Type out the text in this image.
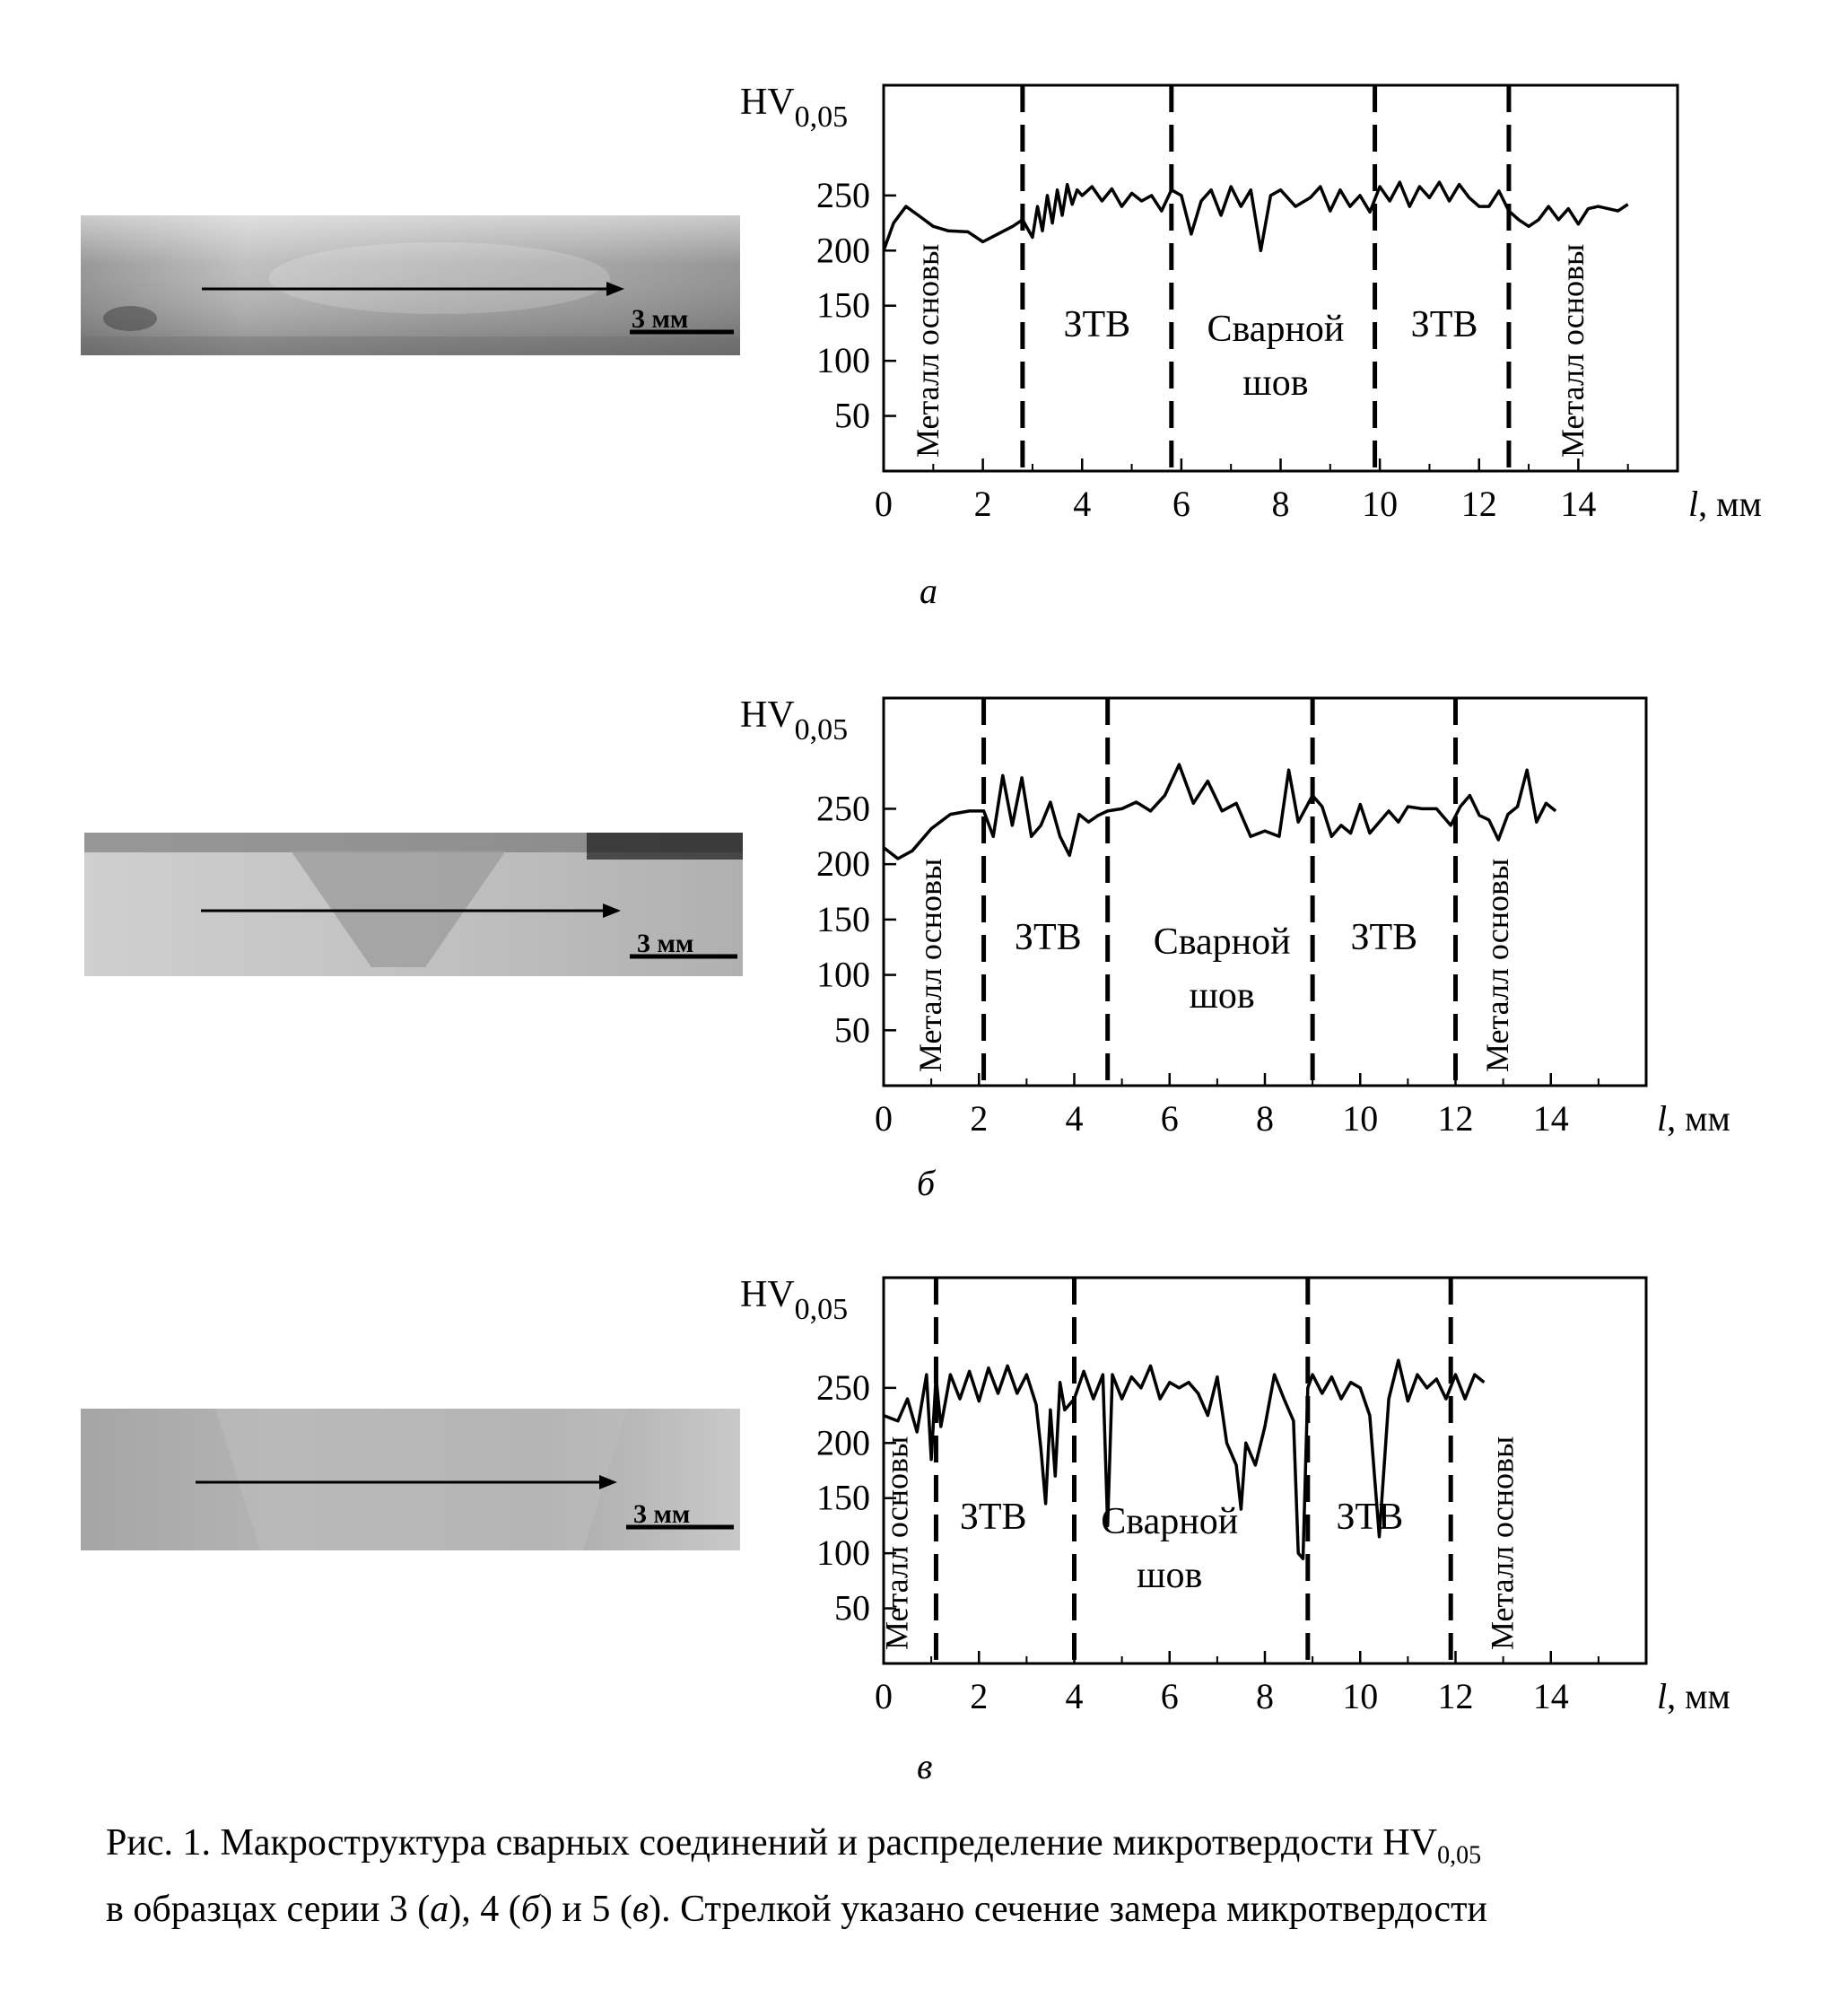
3 мм
3 мм
3 мм
0 2 4 6 8 10 12 14
50
100
150
200
250
$HV_{0,05}$
l, мм
Металл основы	ЗТВ Сварной
шов
ЗТВ Металл основы
0 2 4 6 8 10 12 14
50
100
150
200
250
$HV_{0,05}$
l, мм
Металл основы ЗТВ Сварной
шов
ЗТВ Металл основы
0 2 4 6 8 10 12 14
50
100
150
200
250
$HV_{0,05}$
l, мм
Металл основы ЗТВ Сварной
шов
ЗТВ	Металл основы
а
б
в
Рис. 1. Макроструктура сварных соединений и распределение микротвердости $HV_{0,05}$
в образцах серии 3 (а), 4 (б) и 5 (в). Стрелкой указано сечение замера микротвердости
